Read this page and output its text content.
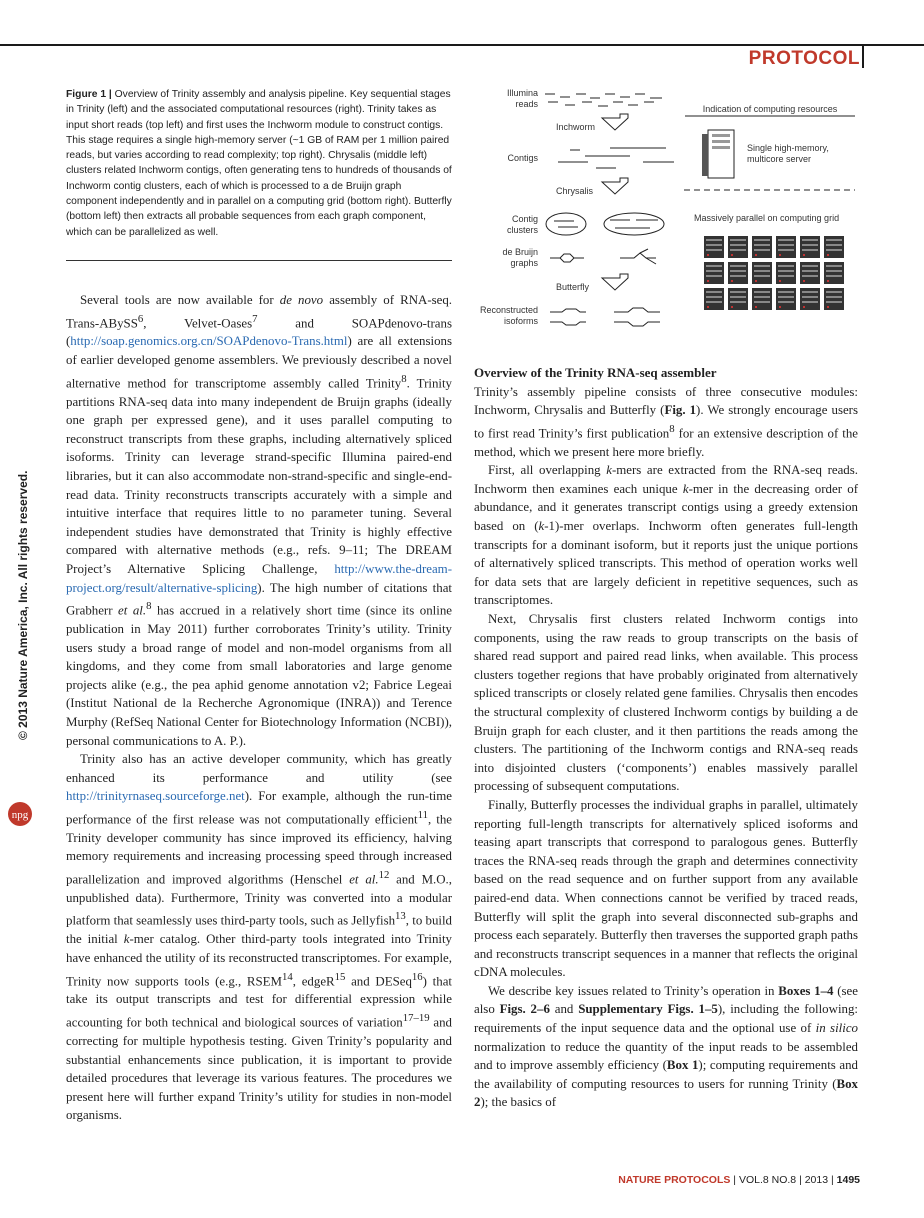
PROTOCOL
Figure 1 | Overview of Trinity assembly and analysis pipeline. Key sequential stages in Trinity (left) and the associated computational resources (right). Trinity takes as input short reads (top left) and first uses the Inchworm module to construct contigs. This stage requires a single high-memory server (~1 GB of RAM per 1 million paired reads, but varies according to read complexity; top right). Chrysalis (middle left) clusters related Inchworm contigs, often generating tens to hundreds of thousands of Inchworm contig clusters, each of which is processed to a de Bruijn graph component independently and in parallel on a computing grid (bottom right). Butterfly (bottom left) then extracts all probable sequences from each graph component, which can be parallelized as well.
Illumina
reads
Inchworm
Contigs
Chrysalis
Contig
clusters
de Bruijn
graphs
Butterfly
Reconstructed
isoforms
Indication of computing resources
Single high-memory,
multicore server
Massively parallel on computing grid
© 2013 Nature America, Inc. All rights reserved.
npg

Several tools are now available for de novo assembly of RNA-seq. Trans-ABySS$^6$, Velvet-Oases$^7$ and SOAPdenovo-trans (http://soap.genomics.org.cn/SOAPdenovo-Trans.html) are all extensions of earlier developed genome assemblers. We previously described a novel alternative method for transcriptome assembly called Trinity$^8$. Trinity partitions RNA-seq data into many independent de Bruijn graphs (ideally one graph per expressed gene), and it uses parallel computing to reconstruct transcripts from these graphs, including alternatively spliced isoforms. Trinity can leverage strand-specific Illumina paired-end libraries, but it can also accommodate non-strand-specific and single-end-read data. Trinity reconstructs transcripts accurately with a simple and intuitive interface that requires little to no parameter tuning. Several independent studies have demonstrated that Trinity is highly effective compared with alternative methods (e.g., refs. 9–11; The DREAM Project’s Alternative Splicing Challenge, http://www.the-dream-project.org/result/alternative-splicing). The high number of citations that Grabherr et al.$^8$ has accrued in a relatively short time (since its online publication in May 2011) further corroborates Trinity’s utility. Trinity users study a broad range of model and non-model organisms from all kingdoms, and they come from small laboratories and large genome projects alike (e.g., the pea aphid genome annotation v2; Fabrice Legeai (Institut National de la Recherche Agronomique (INRA)) and Terence Murphy (RefSeq National Center for Biotechnology Information (NCBI)), personal communications to A. P.).

Trinity also has an active developer community, which has greatly enhanced its performance and utility (see http://trinityrnaseq.sourceforge.net). For example, although the run-time performance of the first release was not computationally efficient$^{11}$, the Trinity developer community has since improved its efficiency, halving memory requirements and increasing processing speed through increased parallelization and improved algorithms (Henschel et al.$^{12}$ and M.O., unpublished data). Furthermore, Trinity was converted into a modular platform that seamlessly uses third-party tools, such as Jellyfish$^{13}$, to build the initial k-mer catalog. Other third-party tools integrated into Trinity have enhanced the utility of its reconstructed transcriptomes. For example, Trinity now supports tools (e.g., RSEM$^{14}$, edgeR$^{15}$ and DESeq$^{16}$) that take its output transcripts and test for differential expression while accounting for both technical and biological sources of variation$^{17-19}$ and correcting for multiple hypothesis testing. Given Trinity’s popularity and substantial enhancements since publication, it is important to provide detailed procedures that leverage its various features. The procedures we present here will further expand Trinity’s utility for studies in non-model organisms.

Overview of the Trinity RNA-seq assembler

Trinity’s assembly pipeline consists of three consecutive modules: Inchworm, Chrysalis and Butterfly (Fig. 1). We strongly encourage users to first read Trinity’s first publication$^8$ for an extensive description of the method, which we present here more briefly.

First, all overlapping k-mers are extracted from the RNA-seq reads. Inchworm then examines each unique k-mer in the decreasing order of abundance, and it generates transcript contigs using a greedy extension based on (k-1)-mer overlaps. Inchworm often generates full-length transcripts for a dominant isoform, but it reports just the unique portions of alternatively spliced transcripts. This method of operation works well for data sets that are largely deficient in repetitive sequences, such as transcriptomes.

Next, Chrysalis first clusters related Inchworm contigs into components, using the raw reads to group transcripts on the basis of shared read support and paired read links, when available. This process clusters together regions that have probably originated from alternatively spliced transcripts or closely related gene families. Chrysalis then encodes the structural complexity of clustered Inchworm contigs by building a de Bruijn graph for each cluster, and it then partitions the reads among the clusters. The partitioning of the Inchworm contigs and RNA-seq reads into disjointed clusters (‘components’) enables massively parallel processing of subsequent computations.

Finally, Butterfly processes the individual graphs in parallel, ultimately reporting full-length transcripts for alternatively spliced isoforms and teasing apart transcripts that correspond to paralogous genes. Butterfly traces the RNA-seq reads through the graph and determines connectivity based on the read sequence and on further support from any available paired-end data. When connections cannot be verified by traced reads, Butterfly will split the graph into several disconnected sub-graphs and process each separately. Butterfly then traverses the supported graph paths and reconstructs transcript sequences in a manner that reflects the original cDNA molecules.

We describe key issues related to Trinity’s operation in Boxes 1–4 (see also Figs. 2–6 and Supplementary Figs. 1–5), including the following: requirements of the input sequence data and the optional use of in silico normalization to reduce the quantity of the input reads to be assembled and to improve assembly efficiency (Box 1); computing requirements and the availability of computing resources to users for running Trinity (Box 2); the basics of

NATURE PROTOCOLS | VOL.8 NO.8 | 2013 | 1495
